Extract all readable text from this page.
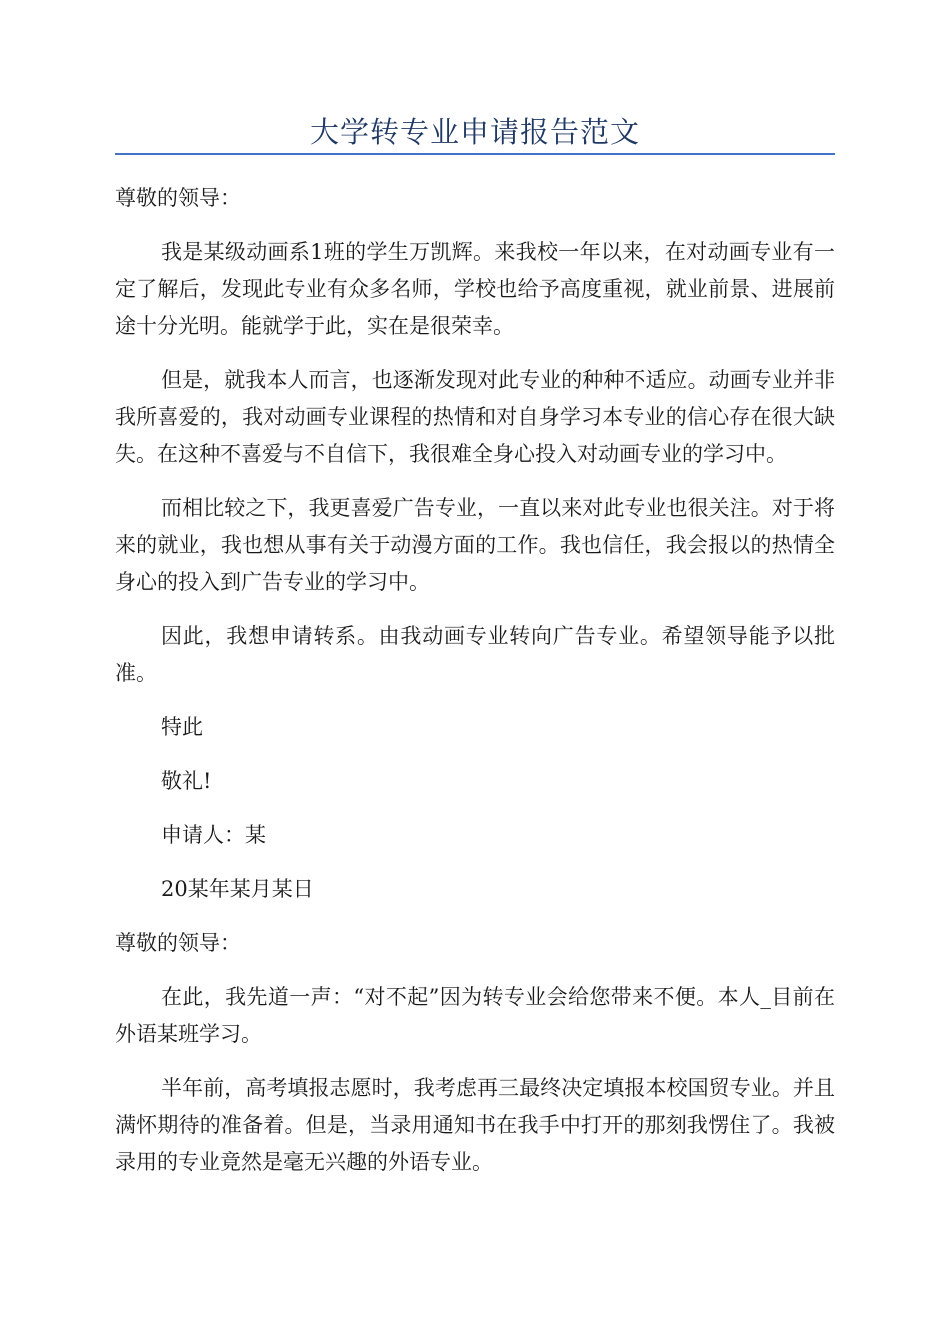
大学转专业申请报告范文

尊敬的领导：

我是某级动画系1班的学生万凯辉。来我校一年以来，在对动画专业有一定了解后，发现此专业有众多名师，学校也给予高度重视，就业前景、进展前途十分光明。能就学于此，实在是很荣幸。

但是，就我本人而言，也逐渐发现对此专业的种种不适应。动画专业并非我所喜爱的，我对动画专业课程的热情和对自身学习本专业的信心存在很大缺失。在这种不喜爱与不自信下，我很难全身心投入对动画专业的学习中。

而相比较之下，我更喜爱广告专业，一直以来对此专业也很关注。对于将来的就业，我也想从事有关于动漫方面的工作。我也信任，我会报以的热情全身心的投入到广告专业的学习中。

因此，我想申请转系。由我动画专业转向广告专业。希望领导能予以批准。

特此

敬礼!

申请人：某

20某年某月某日

尊敬的领导：

在此，我先道一声：“对不起”因为转专业会给您带来不便。本人_目前在外语某班学习。

半年前，高考填报志愿时，我考虑再三最终决定填报本校国贸专业。并且满怀期待的准备着。但是，当录用通知书在我手中打开的那刻我愣住了。我被录用的专业竟然是毫无兴趣的外语专业。
